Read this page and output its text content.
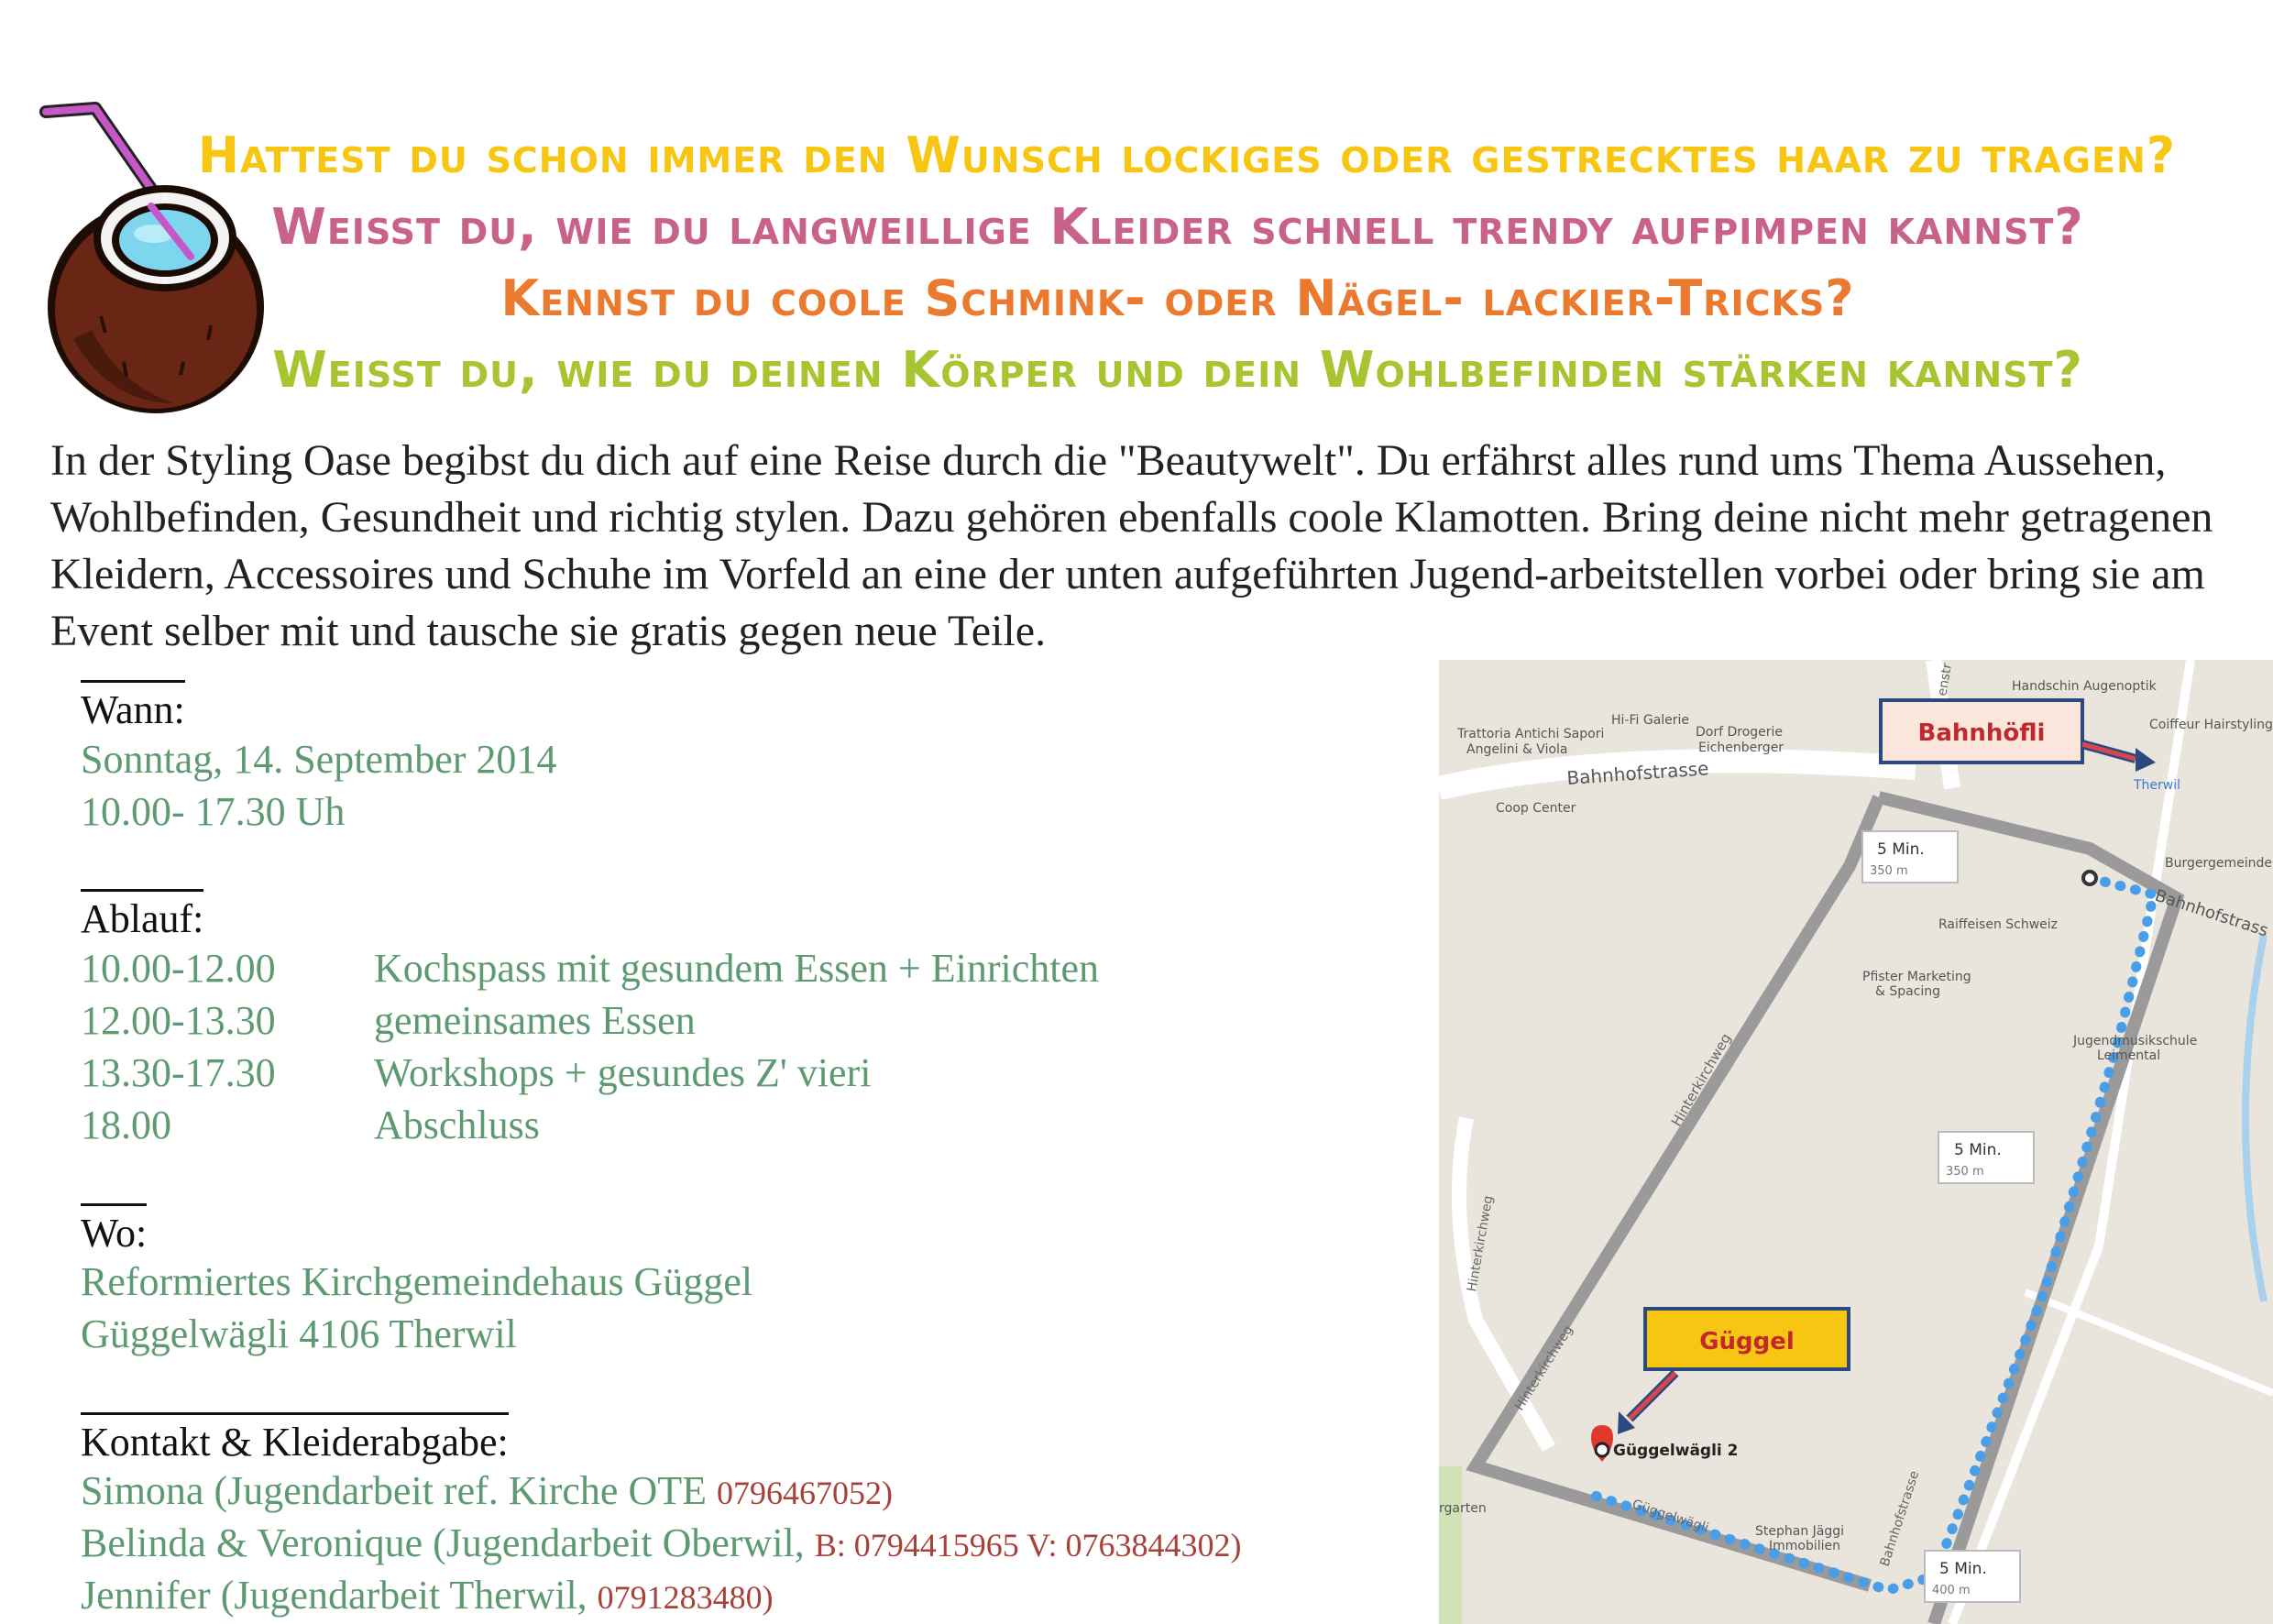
Hattest du schon immer den Wunsch lockiges oder gestrecktes haar zu tragen?
Weisst du, wie du langweillige Kleider schnell trendy aufpimpen kannst?
Kennst du coole Schmink- oder Nägel- lackier-Tricks?
Weisst du, wie du deinen Körper und dein Wohlbefinden stärken kannst?
In der Styling Oase begibst du dich auf eine Reise durch die "Beautywelt". Du erfährst alles rund ums Thema Aussehen, Wohlbefinden, Gesundheit und richtig stylen. Dazu gehören ebenfalls coole Klamotten. Bring deine nicht mehr getragenen Kleidern, Accessoires und Schuhe im Vorfeld an eine der unten aufgeführten Jugend-arbeitstellen vorbei oder bring sie am Event selber mit und tausche sie gratis gegen neue Teile.
Wann:
Sonntag, 14. September 2014
10.00- 17.30 Uh
Ablauf:
10.00-12.00 Kochspass mit gesundem Essen + Einrichten
12.00-13.30 gemeinsames Essen
13.30-17.30 Workshops + gesundes Z' vieri
18.00	Abschluss
Wo:
Reformiertes Kirchgemeindehaus Güggel
Güggelwägli 4106 Therwil
Kontakt & Kleiderabgabe:
Simona (Jugendarbeit ref. Kirche OTE 0796467052)
Belinda & Veronique (Jugendarbeit Oberwil, B: 0794415965 V: 0763844302)
Jennifer (Jugendarbeit Therwil, 0791283480)
Bahnhofstrasse
Bahnhofstrass
Hinterkirchweg
Hinterkirchweg
Hinterkirchweg
Güggelwägli	Bahnhofstrasse
enstr
Trattoria Antichi Sapori
Angelini & Viola
Hi-Fi Galerie
Dorf Drogerie
Eichenberger
Coop Center
Handschin Augenoptik
Coiffeur Hairstyling
Therwil
Burgergemeinde
Raiffeisen Schweiz
Pfister Marketing
& Spacing
Jugendmusikschule
Leimental
Stephan Jäggi
Immobilien
rgarten
Güggelwägli 2
5 Min.
350 m
5 Min.
350 m
5 Min.
400 m
Bahnhöfli
Güggel
